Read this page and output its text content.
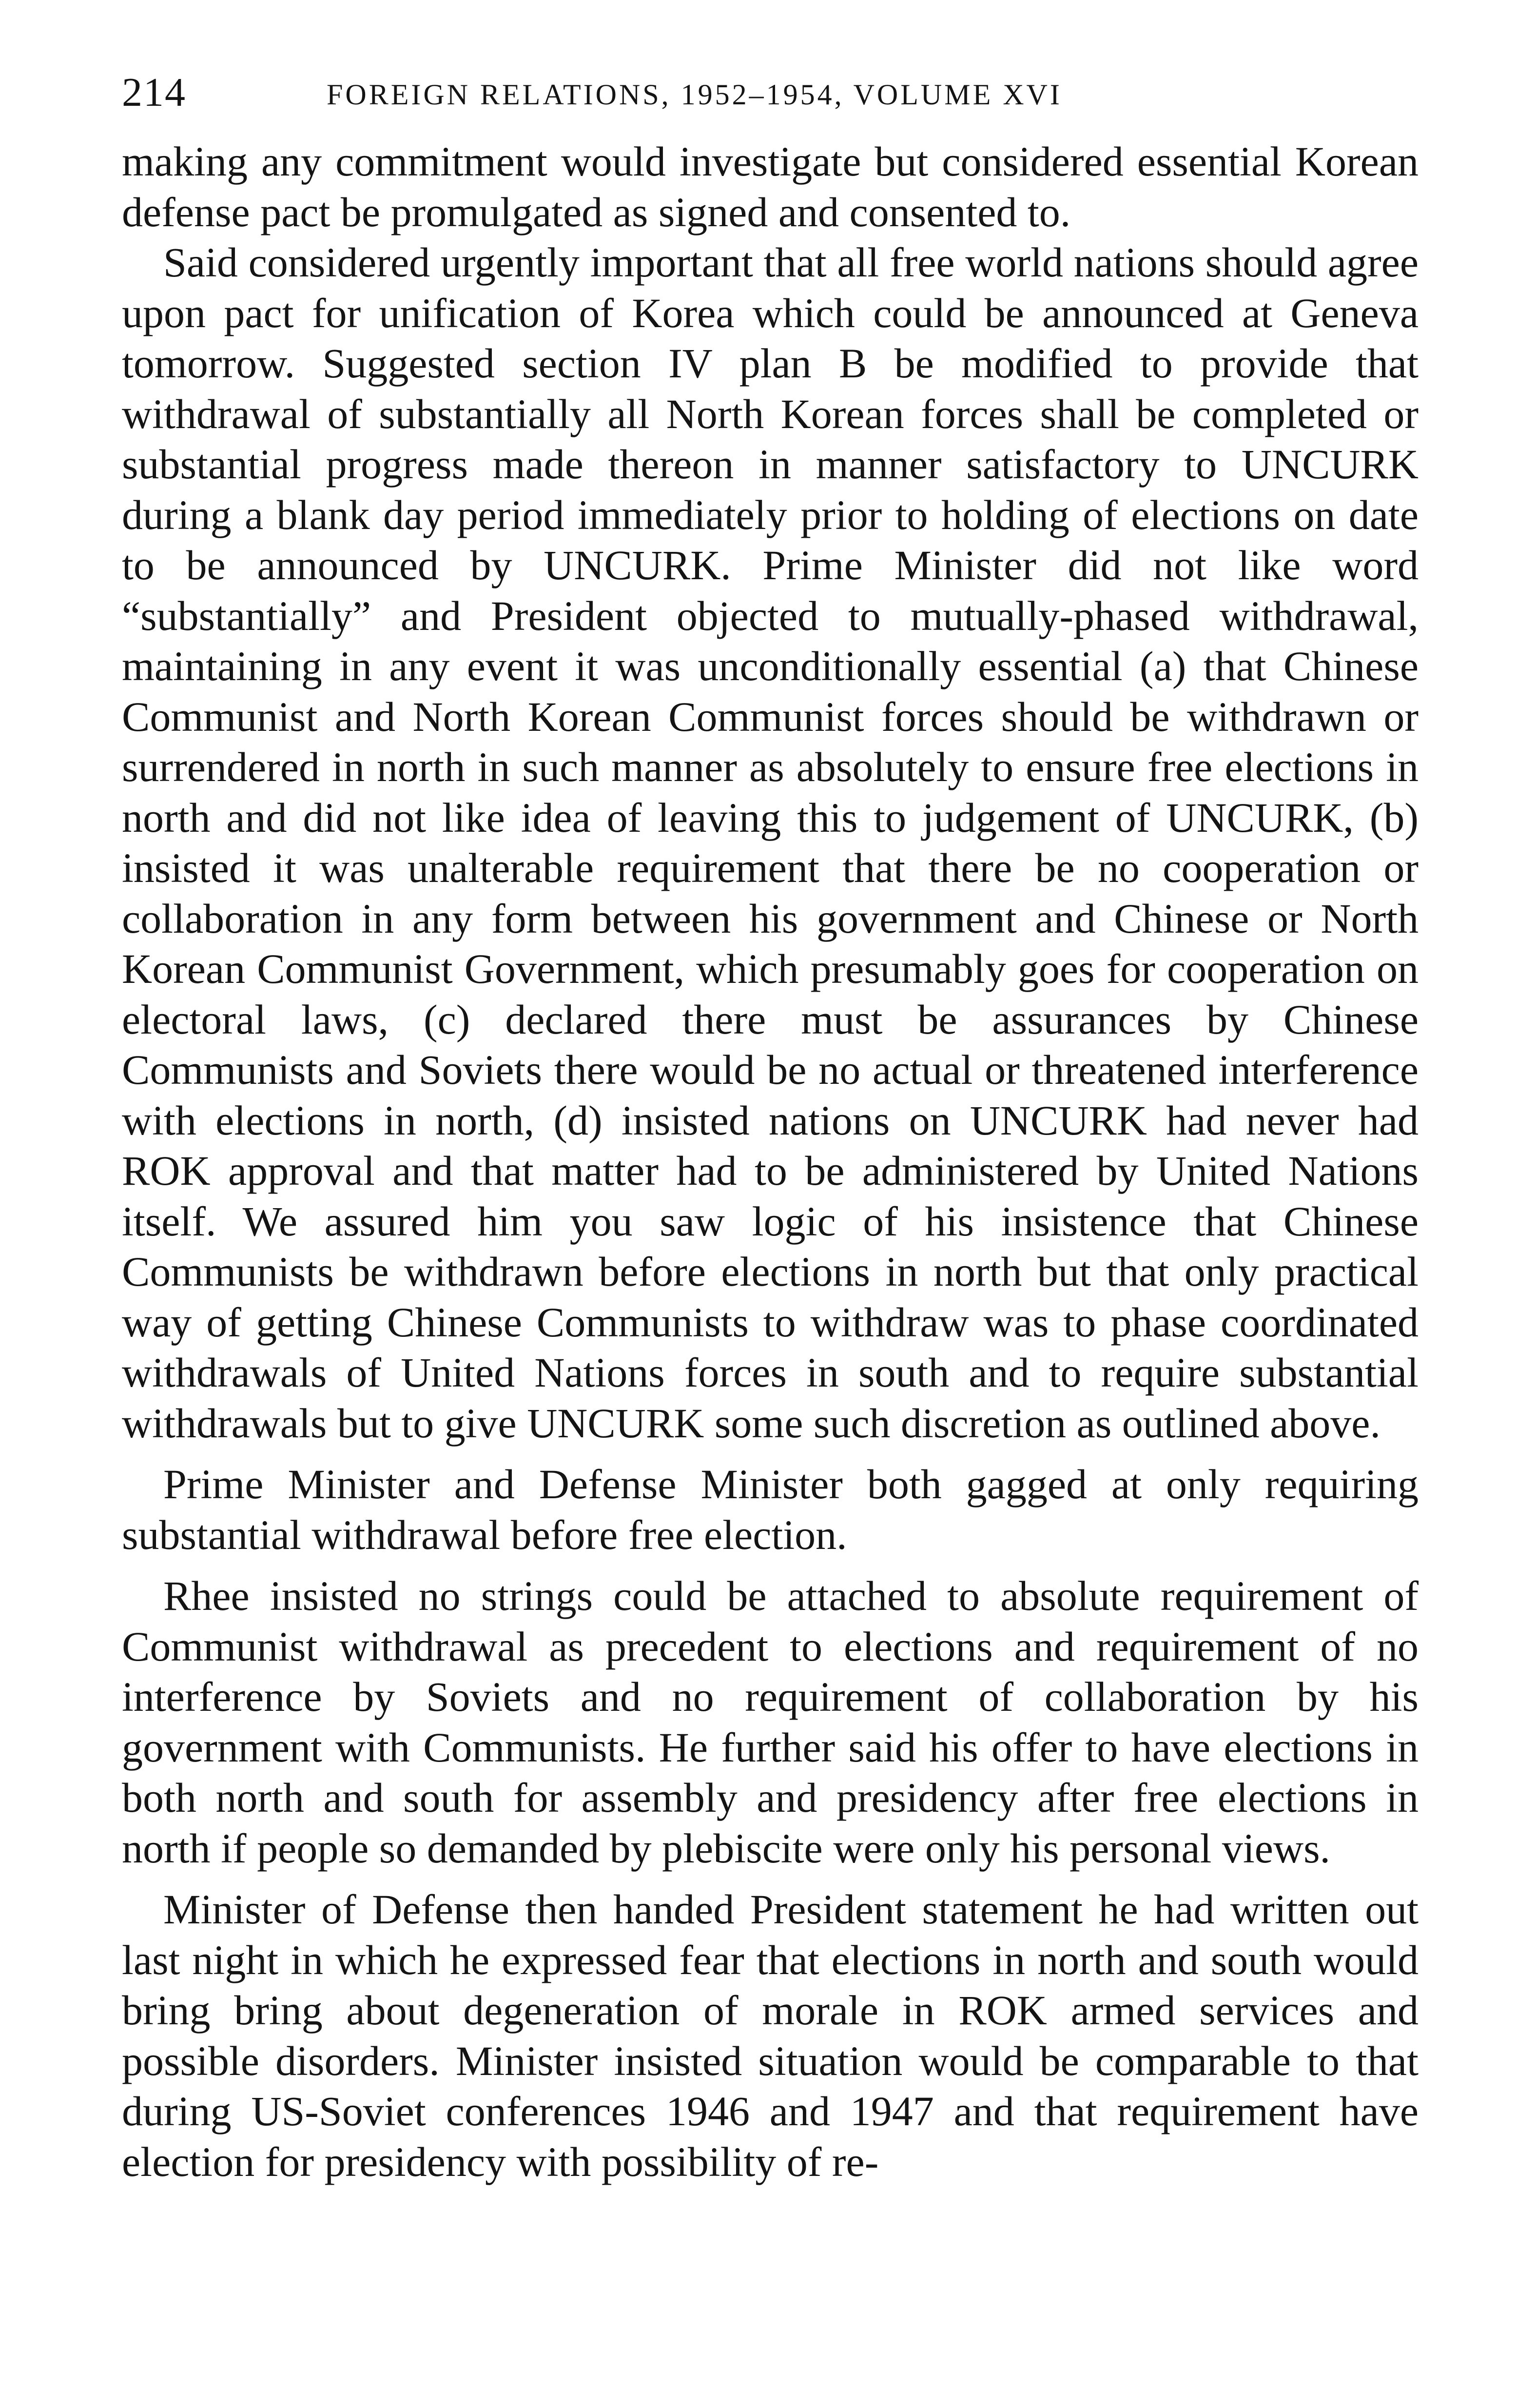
214	FOREIGN RELATIONS, 1952–1954, VOLUME XVI

making any commitment would investigate but considered essential Korean defense pact be promulgated as signed and consented to.

Said considered urgently important that all free world nations should agree upon pact for unification of Korea which could be announced at Geneva tomorrow. Suggested section IV plan B be modified to provide that withdrawal of substantially all North Korean forces shall be completed or substantial progress made thereon in manner satisfactory to UNCURK during a blank day period immediately prior to holding of elections on date to be announced by UNCURK. Prime Minister did not like word “substantially” and President objected to mutually-phased withdrawal, maintaining in any event it was unconditionally essential (a) that Chinese Communist and North Korean Communist forces should be withdrawn or surrendered in north in such manner as absolutely to ensure free elections in north and did not like idea of leaving this to judgement of UNCURK, (b) insisted it was unalterable requirement that there be no cooperation or collaboration in any form between his government and Chinese or North Korean Communist Government, which presumably goes for cooperation on electoral laws, (c) declared there must be assurances by Chinese Communists and Soviets there would be no actual or threatened interference with elections in north, (d) insisted nations on UNCURK had never had ROK approval and that matter had to be administered by United Nations itself. We assured him you saw logic of his insistence that Chinese Communists be withdrawn before elections in north but that only practical way of getting Chinese Communists to withdraw was to phase coordinated withdrawals of United Nations forces in south and to require substantial withdrawals but to give UNCURK some such discretion as outlined above.

Prime Minister and Defense Minister both gagged at only requiring substantial withdrawal before free election.

Rhee insisted no strings could be attached to absolute requirement of Communist withdrawal as precedent to elections and requirement of no interference by Soviets and no requirement of collaboration by his government with Communists. He further said his offer to have elections in both north and south for assembly and presidency after free elections in north if people so demanded by plebiscite were only his personal views.

Minister of Defense then handed President statement he had written out last night in which he expressed fear that elections in north and south would bring bring about degeneration of morale in ROK armed services and possible disorders. Minister insisted situation would be comparable to that during US-Soviet conferences 1946 and 1947 and that requirement have election for presidency with possibility of re-
